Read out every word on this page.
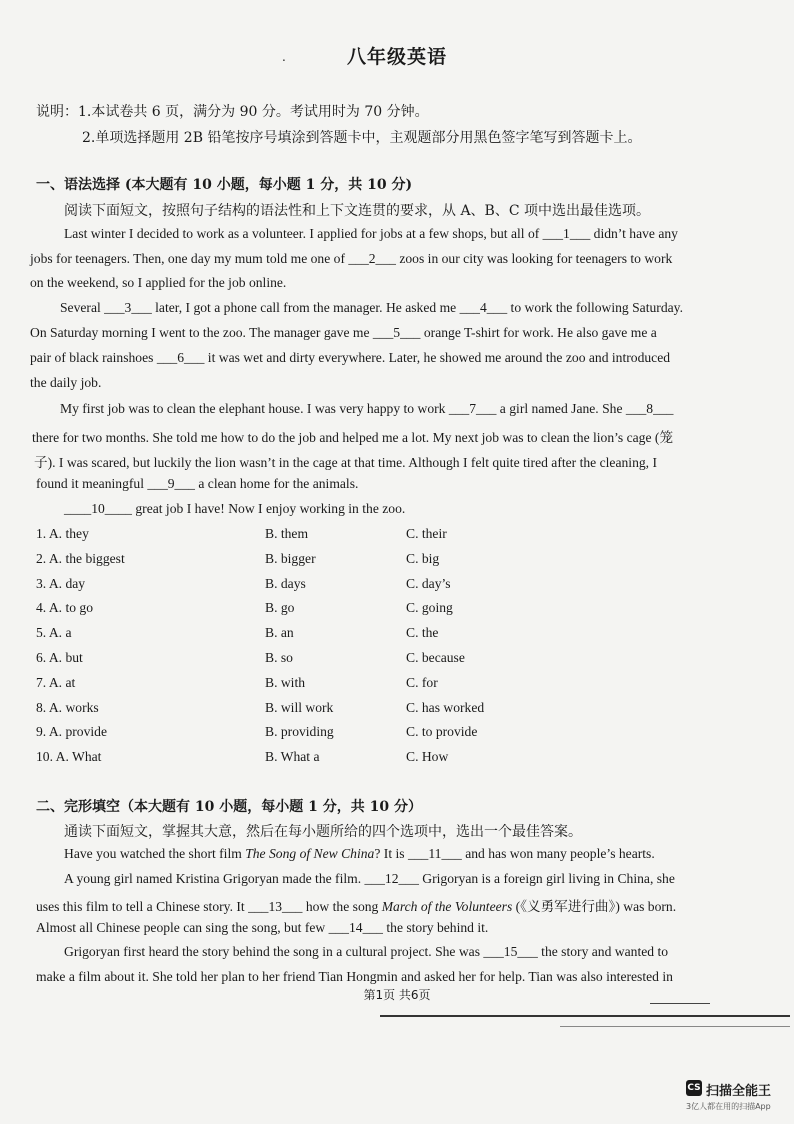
.	八年级英语
说明：1.本试卷共 6 页，满分为 90 分。考试用时为 70 分钟。
2.单项选择题用 2B 铅笔按序号填涂到答题卡中，主观题部分用黑色签字笔写到答题卡上。
一、语法选择 (本大题有 10 小题，每小题 1 分，共 10 分)
阅读下面短文，按照句子结构的语法性和上下文连贯的要求，从 A、B、C 项中选出最佳选项。
Last winter I decided to work as a volunteer. I applied for jobs at a few shops, but all of ___1___ didn’t have any
jobs for teenagers. Then, one day my mum told me one of ___2___ zoos in our city was looking for teenagers to work
on the weekend, so I applied for the job online.
Several ___3___ later, I got a phone call from the manager. He asked me ___4___ to work the following Saturday.
On Saturday morning I went to the zoo. The manager gave me ___5___ orange T-shirt for work. He also gave me a
pair of black rainshoes ___6___ it was wet and dirty everywhere. Later, he showed me around the zoo and introduced
the daily job.
My first job was to clean the elephant house. I was very happy to work ___7___ a girl named Jane. She ___8___
there for two months. She told me how to do the job and helped me a lot. My next job was to clean the lion’s cage (笼
子). I was scared, but luckily the lion wasn’t in the cage at that time. Although I felt quite tired after the cleaning, I
found it meaningful ___9___ a clean home for the animals.
____10____ great job I have! Now I enjoy working in the zoo.
1. A. they	B. them	C. their
2. A. the biggest	B. bigger	C. big
3. A. day	B. days	C. day’s
4. A. to go	B. go	C. going
5. A. a	B. an	C. the
6. A. but	B. so	C. because
7. A. at	B. with	C. for
8. A. works	B. will work	C. has worked
9. A. provide	B. providing	C. to provide
10. A. What	B. What a	C. How
二、完形填空（本大题有 10 小题，每小题 1 分，共 10 分）
通读下面短文，掌握其大意，然后在每小题所给的四个选项中，选出一个最佳答案。
Have you watched the short film The Song of New China? It is ___11___ and has won many people’s hearts.
A young girl named Kristina Grigoryan made the film. ___12___ Grigoryan is a foreign girl living in China, she
uses this film to tell a Chinese story. It ___13___ how the song March of the Volunteers (《义勇军进行曲》) was born.
Almost all Chinese people can sing the song, but few ___14___ the story behind it.
Grigoryan first heard the story behind the song in a cultural project. She was ___15___ the story and wanted to
make a film about it. She told her plan to her friend Tian Hongmin and asked her for help. Tian was also interested in
第1页 共6页
CS 扫描全能王
3亿人都在用的扫描App
